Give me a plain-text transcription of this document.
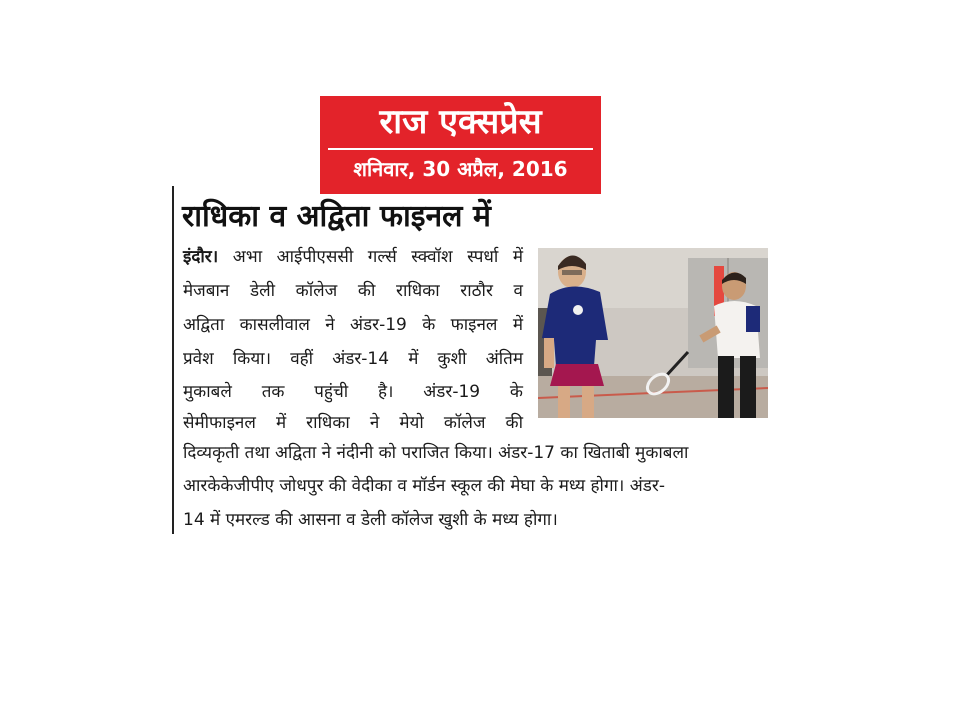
राज एक्सप्रेस
शनिवार, 30 अप्रैल, 2016
राधिका व अद्विता फाइनल में
इंदौर। अभा आईपीएससी गर्ल्स स्क्वॉश स्पर्धा में
मेजबान डेली कॉलेज की राधिका राठौर व
अद्विता कासलीवाल ने अंडर-19 के फाइनल में
प्रवेश किया। वहीं अंडर-14 में कुशी अंतिम
मुकाबले तक पहुंची है। अंडर-19 के
सेमीफाइनल में राधिका ने मेयो कॉलेज की
दिव्यकृती तथा अद्विता ने नंदीनी को पराजित किया। अंडर-17 का खिताबी मुकाबला
आरकेकेजीपीए जोधपुर की वेदीका व मॉर्डन स्कूल की मेघा के मध्य होगा। अंडर-
14 में एमरल्ड की आसना व डेली कॉलेज खुशी के मध्य होगा।
